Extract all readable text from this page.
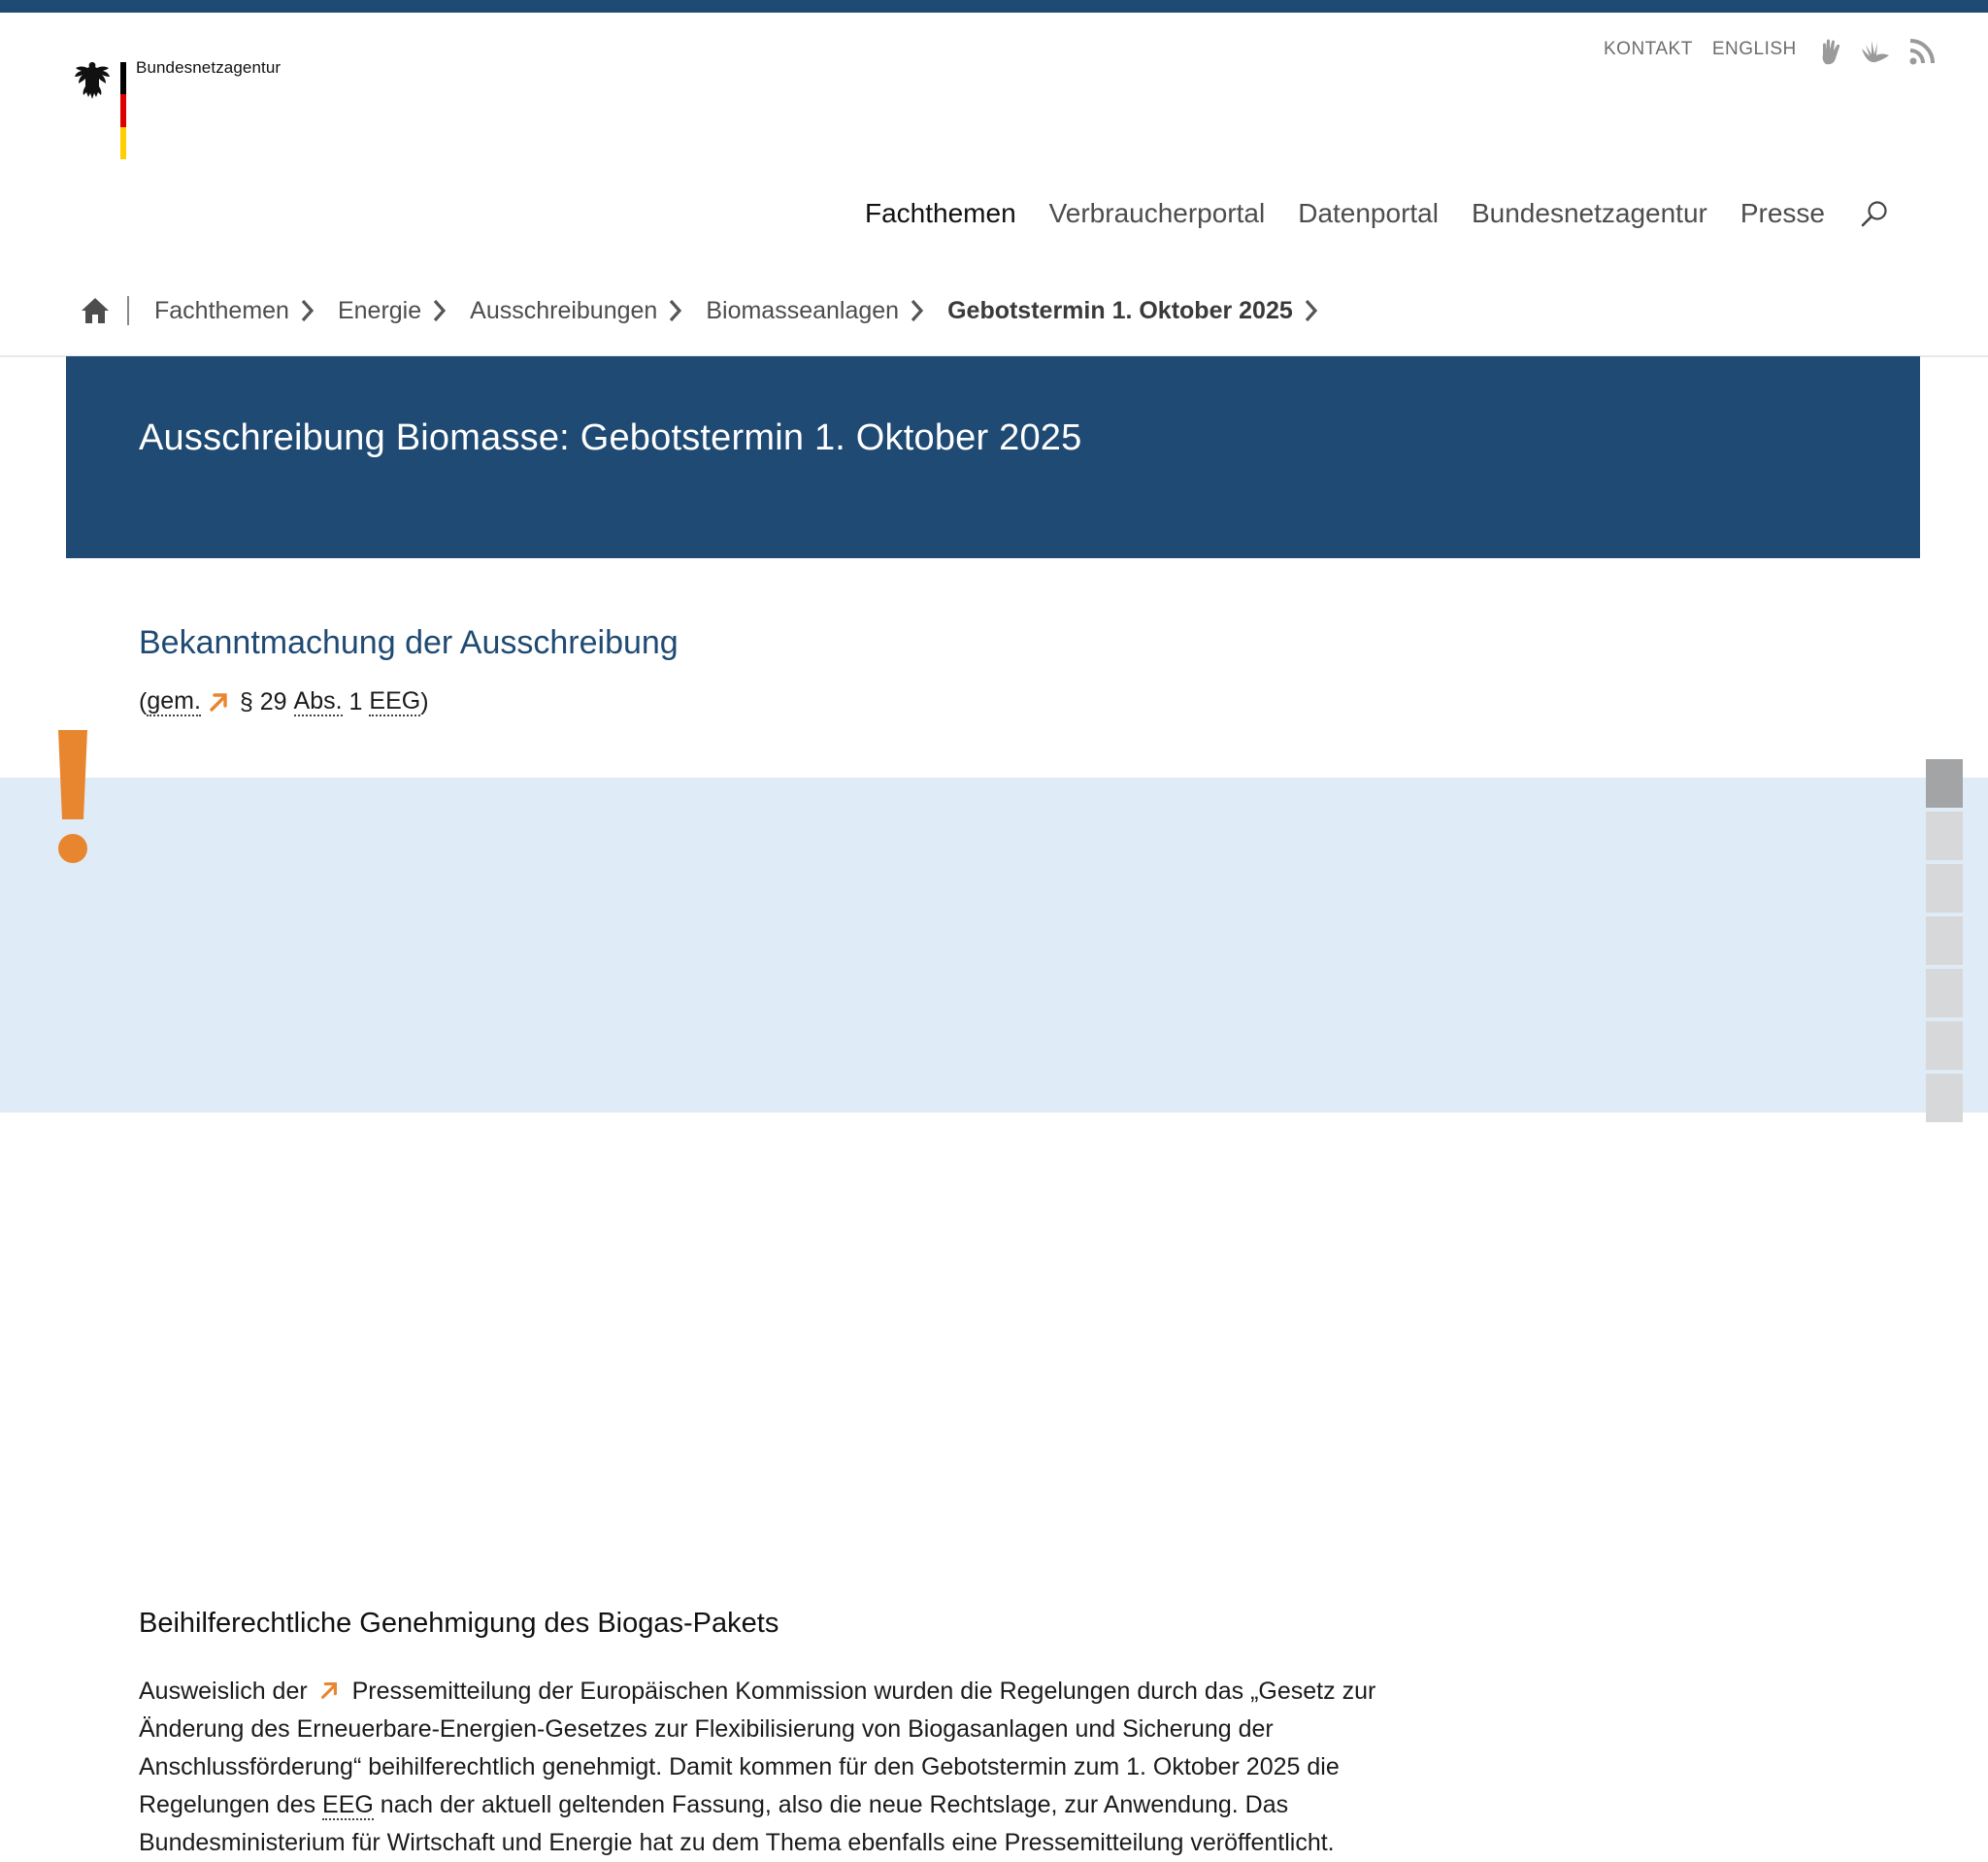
Bundesnetzagentur
KONTAKT ENGLISH
Fachthemen Verbraucherportal Datenportal Bundesnetzagentur Presse
Fachthemen Energie Ausschreibungen Biomasseanlagen Gebotstermin 1. Oktober 2025
Ausschreibung Biomasse: Gebotstermin 1. Oktober 2025
Bekanntmachung der Ausschreibung
( gem. § 29
Abs.
1
EEG )
Beihilferechtliche Genehmigung des Biogas-Pakets

Ausweislich der Pressemitteilung der Europäischen Kommission wurden die Regelungen durch das „Gesetz zur Änderung des Erneuerbare-Energien-Gesetzes zur Flexibilisierung von Biogasanlagen und Sicherung der Anschlussförderung“ beihilferechtlich genehmigt. Damit kommen für den Gebotstermin zum 1. Oktober 2025 die Regelungen des EEG nach der aktuell geltenden Fassung, also die neue Rechtslage, zur Anwendung. Das Bundesministerium für Wirtschaft und Energie hat zu dem Thema ebenfalls eine Pressemitteilung veröffentlicht.
